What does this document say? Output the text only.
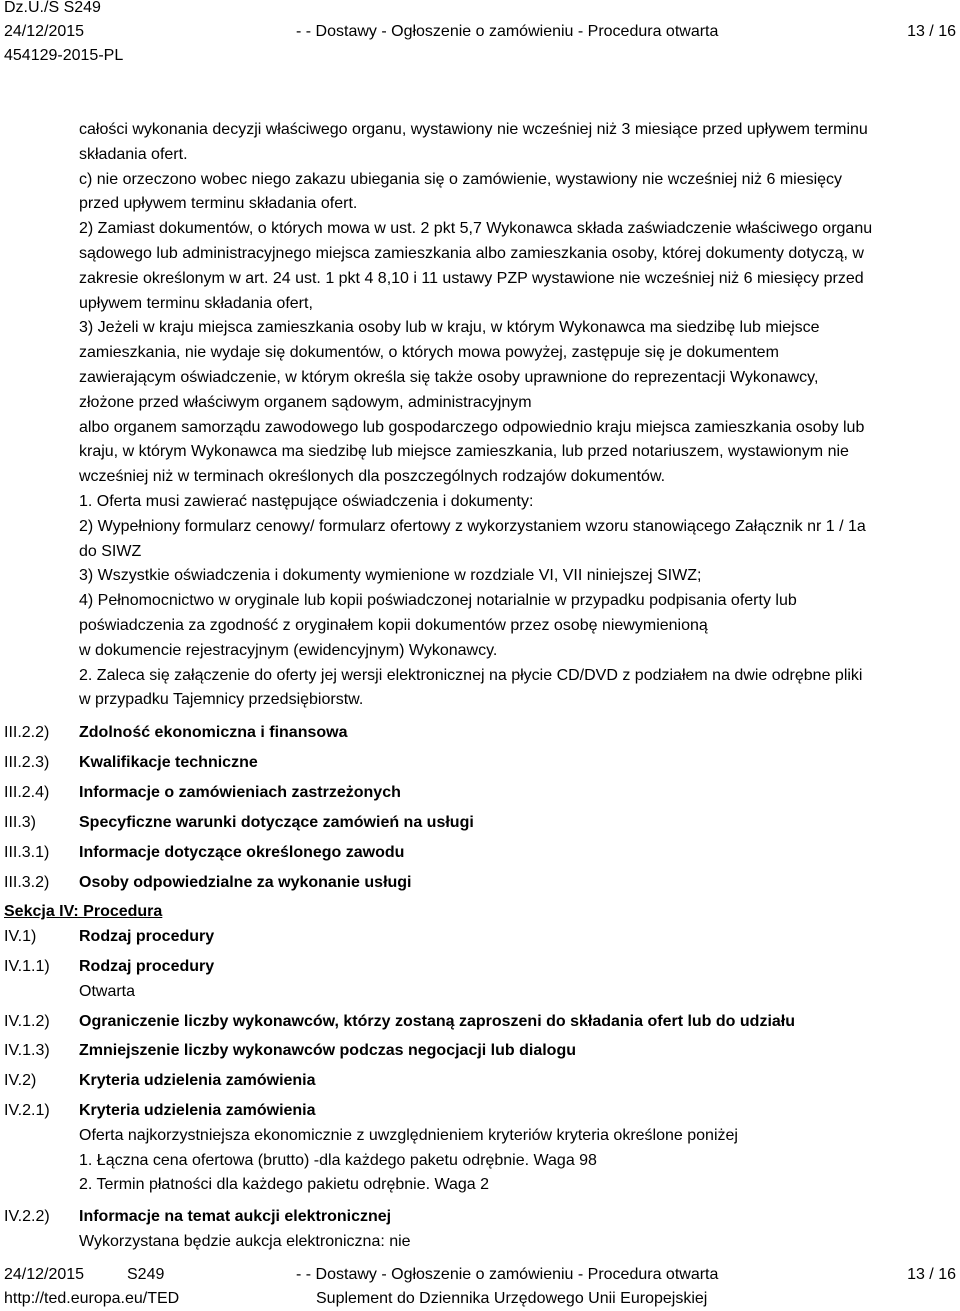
Dz.U./S S249
24/12/2015	- - Dostawy - Ogłoszenie o zamówieniu - Procedura otwarta	13 / 16
454129-2015-PL
całości wykonania decyzji właściwego organu, wystawiony nie wcześniej niż 3 miesiące przed upływem terminu
składania ofert.
c) nie orzeczono wobec niego zakazu ubiegania się o zamówienie, wystawiony nie wcześniej niż 6 miesięcy
przed upływem terminu składania ofert.
2) Zamiast dokumentów, o których mowa w ust. 2 pkt 5,7 Wykonawca składa zaświadczenie właściwego organu
sądowego lub administracyjnego miejsca zamieszkania albo zamieszkania osoby, której dokumenty dotyczą, w
zakresie określonym w art. 24 ust. 1 pkt 4 8,10 i 11 ustawy PZP wystawione nie wcześniej niż 6 miesięcy przed
upływem terminu składania ofert,
3) Jeżeli w kraju miejsca zamieszkania osoby lub w kraju, w którym Wykonawca ma siedzibę lub miejsce
zamieszkania, nie wydaje się dokumentów, o których mowa powyżej, zastępuje się je dokumentem
zawierającym oświadczenie, w którym określa się także osoby uprawnione do reprezentacji Wykonawcy,
złożone przed właściwym organem sądowym, administracyjnym
albo organem samorządu zawodowego lub gospodarczego odpowiednio kraju miejsca zamieszkania osoby lub
kraju, w którym Wykonawca ma siedzibę lub miejsce zamieszkania, lub przed notariuszem, wystawionym nie
wcześniej niż w terminach określonych dla poszczególnych rodzajów dokumentów.
1. Oferta musi zawierać następujące oświadczenia i dokumenty:
2) Wypełniony formularz cenowy/ formularz ofertowy z wykorzystaniem wzoru stanowiącego Załącznik nr 1 / 1a
do SIWZ
3) Wszystkie oświadczenia i dokumenty wymienione w rozdziale VI, VII niniejszej SIWZ;
4) Pełnomocnictwo w oryginale lub kopii poświadczonej notarialnie w przypadku podpisania oferty lub
poświadczenia za zgodność z oryginałem kopii dokumentów przez osobę niewymienioną
w dokumencie rejestracyjnym (ewidencyjnym) Wykonawcy.
2. Zaleca się załączenie do oferty jej wersji elektronicznej na płycie CD/DVD z podziałem na dwie odrębne pliki
w przypadku Tajemnicy przedsiębiorstw.
III.2.2) Zdolność ekonomiczna i finansowa
III.2.3) Kwalifikacje techniczne
III.2.4) Informacje o zamówieniach zastrzeżonych
III.3)	Specyficzne warunki dotyczące zamówień na usługi
III.3.1) Informacje dotyczące określonego zawodu
III.3.2) Osoby odpowiedzialne za wykonanie usługi
Sekcja IV: Procedura
IV.1)	Rodzaj procedury
IV.1.1) Rodzaj procedury
Otwarta
IV.1.2) Ograniczenie liczby wykonawców, którzy zostaną zaproszeni do składania ofert lub do udziału
IV.1.3) Zmniejszenie liczby wykonawców podczas negocjacji lub dialogu
IV.2)	Kryteria udzielenia zamówienia
IV.2.1) Kryteria udzielenia zamówienia
Oferta najkorzystniejsza ekonomicznie z uwzględnieniem kryteriów kryteria określone poniżej
1. Łączna cena ofertowa (brutto) -dla każdego paketu odrębnie. Waga 98
2. Termin płatności dla każdego pakietu odrębnie. Waga 2
IV.2.2) Informacje na temat aukcji elektronicznej
Wykorzystana będzie aukcja elektroniczna: nie
24/12/2015	S249	- - Dostawy - Ogłoszenie o zamówieniu - Procedura otwarta	13 / 16
http://ted.europa.eu/TED	Suplement do Dziennika Urzędowego Unii Europejskiej
